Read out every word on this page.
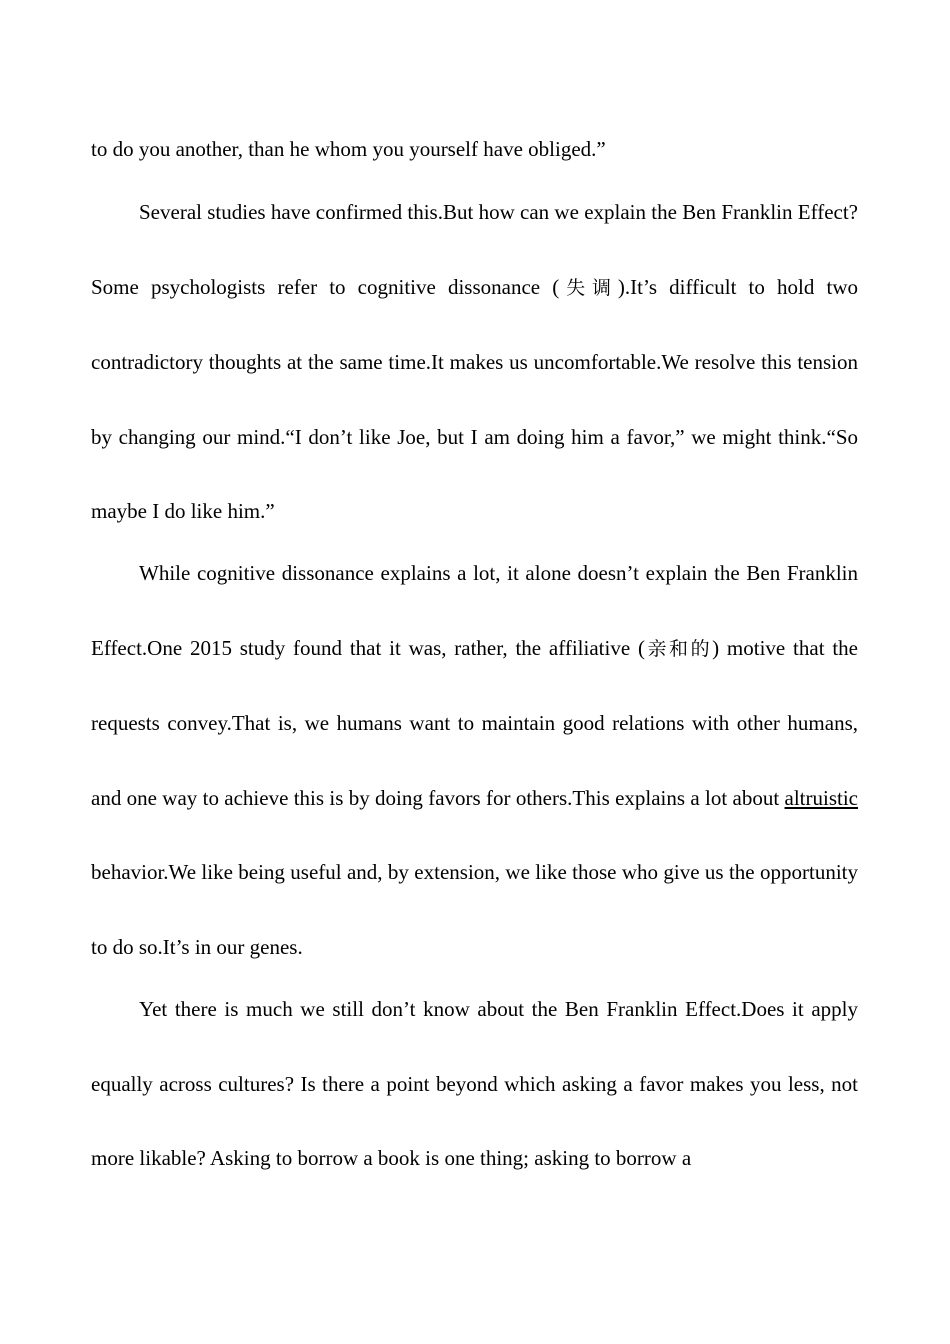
to do you another, than he whom you yourself have obliged.”

Several studies have confirmed this.But how can we explain the Ben Franklin Effect? Some psychologists refer to cognitive dissonance (失调).It’s difficult to hold two contradictory thoughts at the same time.It makes us uncomfortable.We resolve this tension by changing our mind.“I don’t like Joe, but I am doing him a favor,” we might think.“So maybe I do like him.”

While cognitive dissonance explains a lot, it alone doesn’t explain the Ben Franklin Effect.One 2015 study found that it was, rather, the affiliative (亲和的) motive that the requests convey.That is, we humans want to maintain good relations with other humans, and one way to achieve this is by doing favors for others.This explains a lot about altruistic behavior.We like being useful and, by extension, we like those who give us the opportunity to do so.It’s in our genes.

Yet there is much we still don’t know about the Ben Franklin Effect.Does it apply equally across cultures? Is there a point beyond which asking a favor makes you less, not more likable? Asking to borrow a book is one thing; asking to borrow a
